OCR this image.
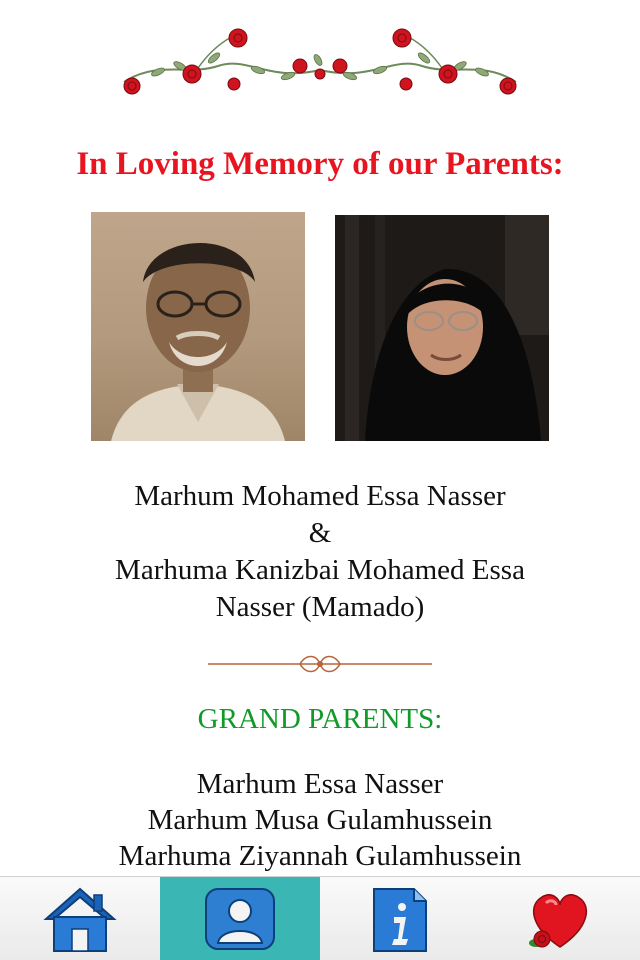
In Loving Memory of our Parents:
Marhum Mohamed Essa Nasser
&
Marhuma Kanizbai Mohamed Essa
Nasser (Mamado)
GRAND PARENTS:
Marhum Essa Nasser
Marhum Musa Gulamhussein
Marhuma Ziyannah Gulamhussein
